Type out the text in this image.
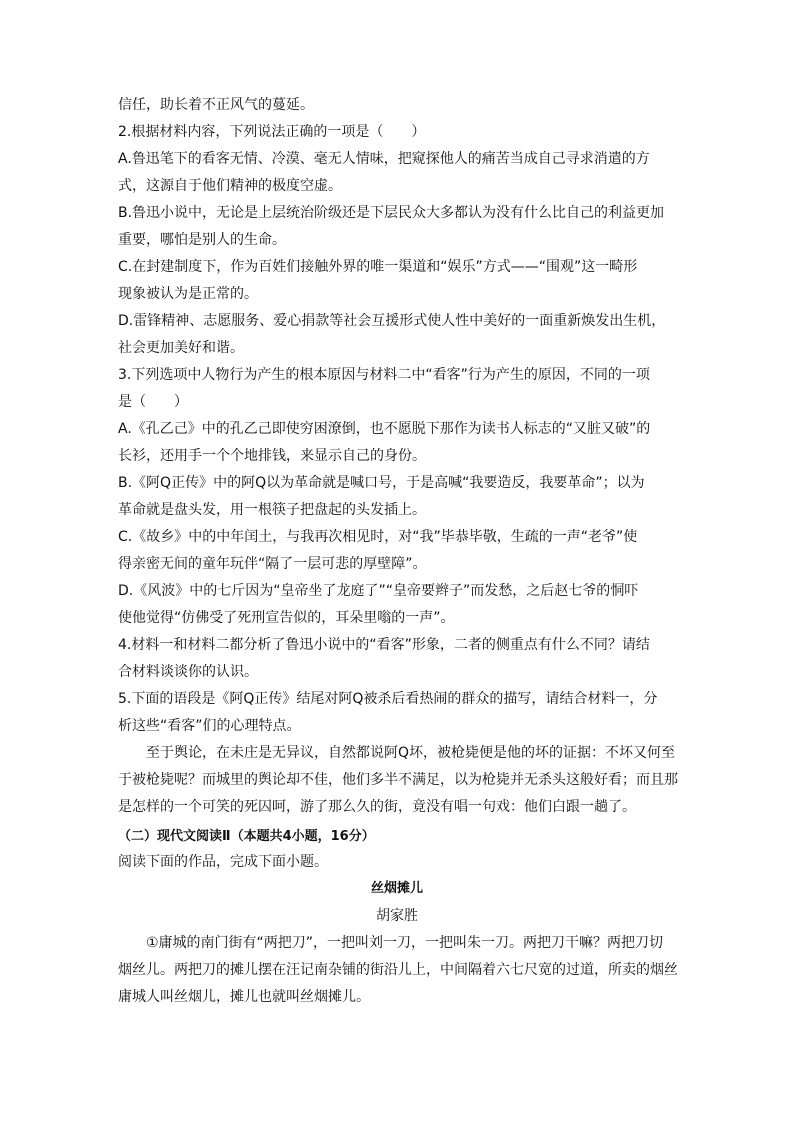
信任，助长着不正风气的蔓延。
2.根据材料内容，下列说法正确的一项是（　　）
A.鲁迅笔下的看客无情、冷漠、毫无人情味，把窥探他人的痛苦当成自己寻求消遣的方
式，这源自于他们精神的极度空虚。
B.鲁迅小说中，无论是上层统治阶级还是下层民众大多都认为没有什么比自己的利益更加
重要，哪怕是别人的生命。
C.在封建制度下，作为百姓们接触外界的唯一渠道和“娱乐”方式——“围观”这一畸形
现象被认为是正常的。
D.雷锋精神、志愿服务、爱心捐款等社会互援形式使人性中美好的一面重新焕发出生机，
社会更加美好和谐。
3.下列选项中人物行为产生的根本原因与材料二中“看客”行为产生的原因，不同的一项
是（　　）
A.《孔乙己》中的孔乙己即使穷困潦倒，也不愿脱下那作为读书人标志的“又脏又破”的
长衫，还用手一个个地排钱，来显示自己的身份。
B.《阿Q正传》中的阿Q以为革命就是喊口号，于是高喊“我要造反，我要革命”；以为
革命就是盘头发，用一根筷子把盘起的头发插上。
C.《故乡》中的中年闰土，与我再次相见时，对“我”毕恭毕敬，生疏的一声“老爷”使
得亲密无间的童年玩伴“隔了一层可悲的厚壁障”。
D.《风波》中的七斤因为“皇帝坐了龙庭了”“皇帝要辫子”而发愁，之后赵七爷的恫吓
使他觉得“仿佛受了死刑宣告似的，耳朵里嗡的一声”。
4.材料一和材料二都分析了鲁迅小说中的“看客”形象，二者的侧重点有什么不同？请结
合材料谈谈你的认识。
5.下面的语段是《阿Q正传》结尾对阿Q被杀后看热闹的群众的描写，请结合材料一，分
析这些“看客”们的心理特点。
至于舆论，在未庄是无异议，自然都说阿Q坏，被枪毙便是他的坏的证据：不坏又何至
于被枪毙呢？而城里的舆论却不佳，他们多半不满足，以为枪毙并无杀头这般好看；而且那
是怎样的一个可笑的死囚呵，游了那么久的街，竟没有唱一句戏：他们白跟一趟了。
（二）现代文阅读Ⅱ（本题共4小题，16分）
阅读下面的作品，完成下面小题。
丝烟摊儿
胡家胜
①庸城的南门街有“两把刀”，一把叫刘一刀，一把叫朱一刀。两把刀干嘛？两把刀切
烟丝儿。两把刀的摊儿摆在汪记南杂铺的街沿儿上，中间隔着六七尺宽的过道，所卖的烟丝
庸城人叫丝烟儿，摊儿也就叫丝烟摊儿。
